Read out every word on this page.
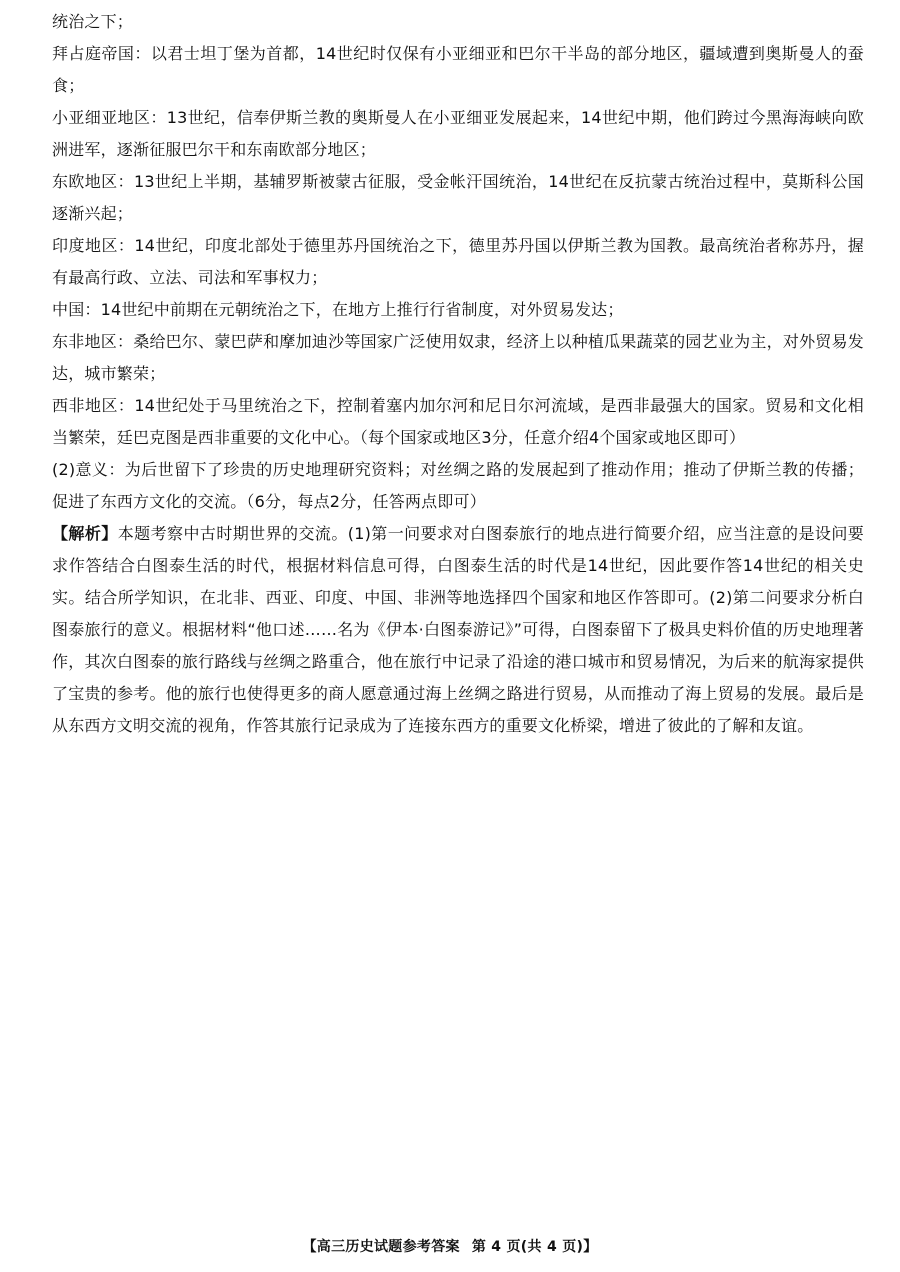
统治之下；

拜占庭帝国：以君士坦丁堡为首都，14世纪时仅保有小亚细亚和巴尔干半岛的部分地区，疆域遭到奥斯曼人的蚕食；

小亚细亚地区：13世纪，信奉伊斯兰教的奥斯曼人在小亚细亚发展起来，14世纪中期，他们跨过今黑海海峡向欧洲进军，逐渐征服巴尔干和东南欧部分地区；

东欧地区：13世纪上半期，基辅罗斯被蒙古征服，受金帐汗国统治，14世纪在反抗蒙古统治过程中，莫斯科公国逐渐兴起；

印度地区：14世纪，印度北部处于德里苏丹国统治之下，德里苏丹国以伊斯兰教为国教。最高统治者称苏丹，握有最高行政、立法、司法和军事权力；

中国：14世纪中前期在元朝统治之下，在地方上推行行省制度，对外贸易发达；

东非地区：桑给巴尔、蒙巴萨和摩加迪沙等国家广泛使用奴隶，经济上以种植瓜果蔬菜的园艺业为主，对外贸易发达，城市繁荣；

西非地区：14世纪处于马里统治之下，控制着塞内加尔河和尼日尔河流域，是西非最强大的国家。贸易和文化相当繁荣，廷巴克图是西非重要的文化中心。（每个国家或地区3分，任意介绍4个国家或地区即可）

(2)意义：为后世留下了珍贵的历史地理研究资料；对丝绸之路的发展起到了推动作用；推动了伊斯兰教的传播；促进了东西方文化的交流。（6分，每点2分，任答两点即可）

【解析】本题考察中古时期世界的交流。(1)第一问要求对白图泰旅行的地点进行简要介绍，应当注意的是设问要求作答结合白图泰生活的时代，根据材料信息可得，白图泰生活的时代是14世纪，因此要作答14世纪的相关史实。结合所学知识，在北非、西亚、印度、中国、非洲等地选择四个国家和地区作答即可。(2)第二问要求分析白图泰旅行的意义。根据材料“他口述……名为《伊本·白图泰游记》”可得，白图泰留下了极具史料价值的历史地理著作，其次白图泰的旅行路线与丝绸之路重合，他在旅行中记录了沿途的港口城市和贸易情况，为后来的航海家提供了宝贵的参考。他的旅行也使得更多的商人愿意通过海上丝绸之路进行贸易，从而推动了海上贸易的发展。最后是从东西方文明交流的视角，作答其旅行记录成为了连接东西方的重要文化桥梁，增进了彼此的了解和友谊。

【高三历史试题参考答案 第 4 页(共 4 页)】
